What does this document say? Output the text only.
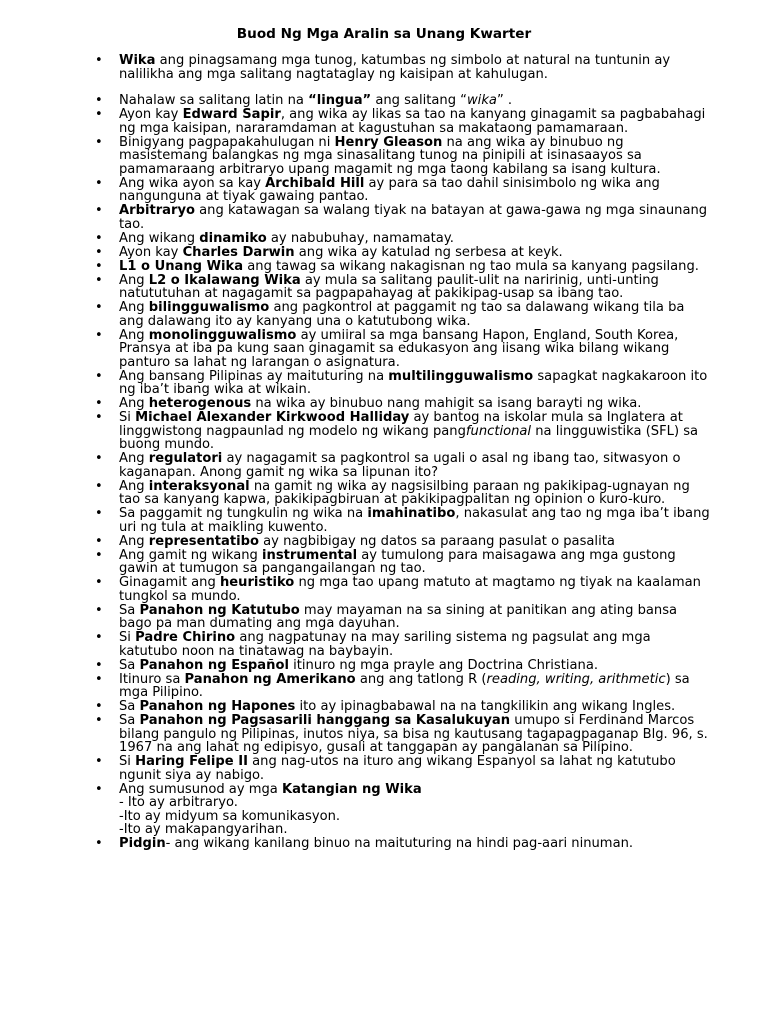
Buod Ng Mga Aralin sa Unang Kwarter
• Wika ang pinagsamang mga tunog, katumbas ng simbolo at natural na tuntunin ay nalilikha ang mga salitang nagtataglay ng kaisipan at kahulugan.
• Nahalaw sa salitang latin na “lingua” ang salitang “wika” .
• Ayon kay Edward Sapir, ang wika ay likas sa tao na kanyang ginagamit sa pagbabahagi ng mga kaisipan, nararamdaman at kagustuhan sa makataong pamamaraan.
• Binigyang pagpapakahulugan ni Henry Gleason na ang wika ay binubuo ng masistemang balangkas ng mga sinasalitang tunog na pinipili at isinasaayos sa pamamaraang arbitraryo upang magamit ng mga taong kabilang sa isang kultura.
• Ang wika ayon sa kay Archibald Hill ay para sa tao dahil sinisimbolo ng wika ang nangunguna at tiyak gawaing pantao.
• Arbitraryo ang katawagan sa walang tiyak na batayan at gawa-gawa ng mga sinaunang tao.
• Ang wikang dinamiko ay nabubuhay, namamatay.
• Ayon kay Charles Darwin ang wika ay katulad ng serbesa at keyk.
• L1 o Unang Wika ang tawag sa wikang nakagisnan ng tao mula sa kanyang pagsilang.
• Ang L2 o Ikalawang Wika ay mula sa salitang paulit-ulit na naririnig, unti-unting natututuhan at nagagamit sa pagpapahayag at pakikipag-usap sa ibang tao.
• Ang bilingguwalismo ang pagkontrol at paggamit ng tao sa dalawang wikang tila ba ang dalawang ito ay kanyang una o katutubong wika.
• Ang monolingguwalismo ay umiiral sa mga bansang Hapon, England, South Korea, Pransya at iba pa kung saan ginagamit sa edukasyon ang iisang wika bilang wikang panturo sa lahat ng larangan o asignatura.
• Ang bansang Pilipinas ay maituturing na multilingguwalismo sapagkat nagkakaroon ito ng iba’t ibang wika at wikain.
• Ang heterogenous na wika ay binubuo nang mahigit sa isang barayti ng wika.
• Si Michael Alexander Kirkwood Halliday ay bantog na iskolar mula sa Inglatera at linggwistong nagpaunlad ng modelo ng wikang pangfunctional na lingguwistika (SFL) sa buong mundo.
• Ang regulatori ay nagagamit sa pagkontrol sa ugali o asal ng ibang tao, sitwasyon o kaganapan. Anong gamit ng wika sa lipunan ito?
• Ang interaksyonal na gamit ng wika ay nagsisilbing paraan ng pakikipag-ugnayan ng tao sa kanyang kapwa, pakikipagbiruan at pakikipagpalitan ng opinion o kuro-kuro.
• Sa paggamit ng tungkulin ng wika na imahinatibo, nakasulat ang tao ng mga iba’t ibang uri ng tula at maikling kuwento.
• Ang representatibo ay nagbibigay ng datos sa paraang pasulat o pasalita
• Ang gamit ng wikang instrumental ay tumulong para maisagawa ang mga gustong gawin at tumugon sa pangangailangan ng tao.
• Ginagamit ang heuristiko ng mga tao upang matuto at magtamo ng tiyak na kaalaman tungkol sa mundo.
• Sa Panahon ng Katutubo may mayaman na sa sining at panitikan ang ating bansa bago pa man dumating ang mga dayuhan.
• Si Padre Chirino ang nagpatunay na may sariling sistema ng pagsulat ang mga katutubo noon na tinatawag na baybayin.
• Sa Panahon ng Español itinuro ng mga prayle ang Doctrina Christiana.
• Itinuro sa Panahon ng Amerikano ang ang tatlong R (reading, writing, arithmetic) sa mga Pilipino.
• Sa Panahon ng Hapones ito ay ipinagbabawal na na tangkilikin ang wikang Ingles.
• Sa Panahon ng Pagsasarili hanggang sa Kasalukuyan umupo si Ferdinand Marcos bilang pangulo ng Pilipinas, inutos niya, sa bisa ng kautusang tagapagpaganap Blg. 96, s. 1967 na ang lahat ng edipisyo, gusali at tanggapan ay pangalanan sa Pilipino.
• Si Haring Felipe II ang nag-utos na ituro ang wikang Espanyol sa lahat ng katutubo ngunit siya ay nabigo.
• Ang sumusunod ay mga Katangian ng Wika
- Ito ay arbitraryo.
-Ito ay midyum sa komunikasyon.
-Ito ay makapangyarihan.
• Pidgin- ang wikang kanilang binuo na maituturing na hindi pag-aari ninuman.
